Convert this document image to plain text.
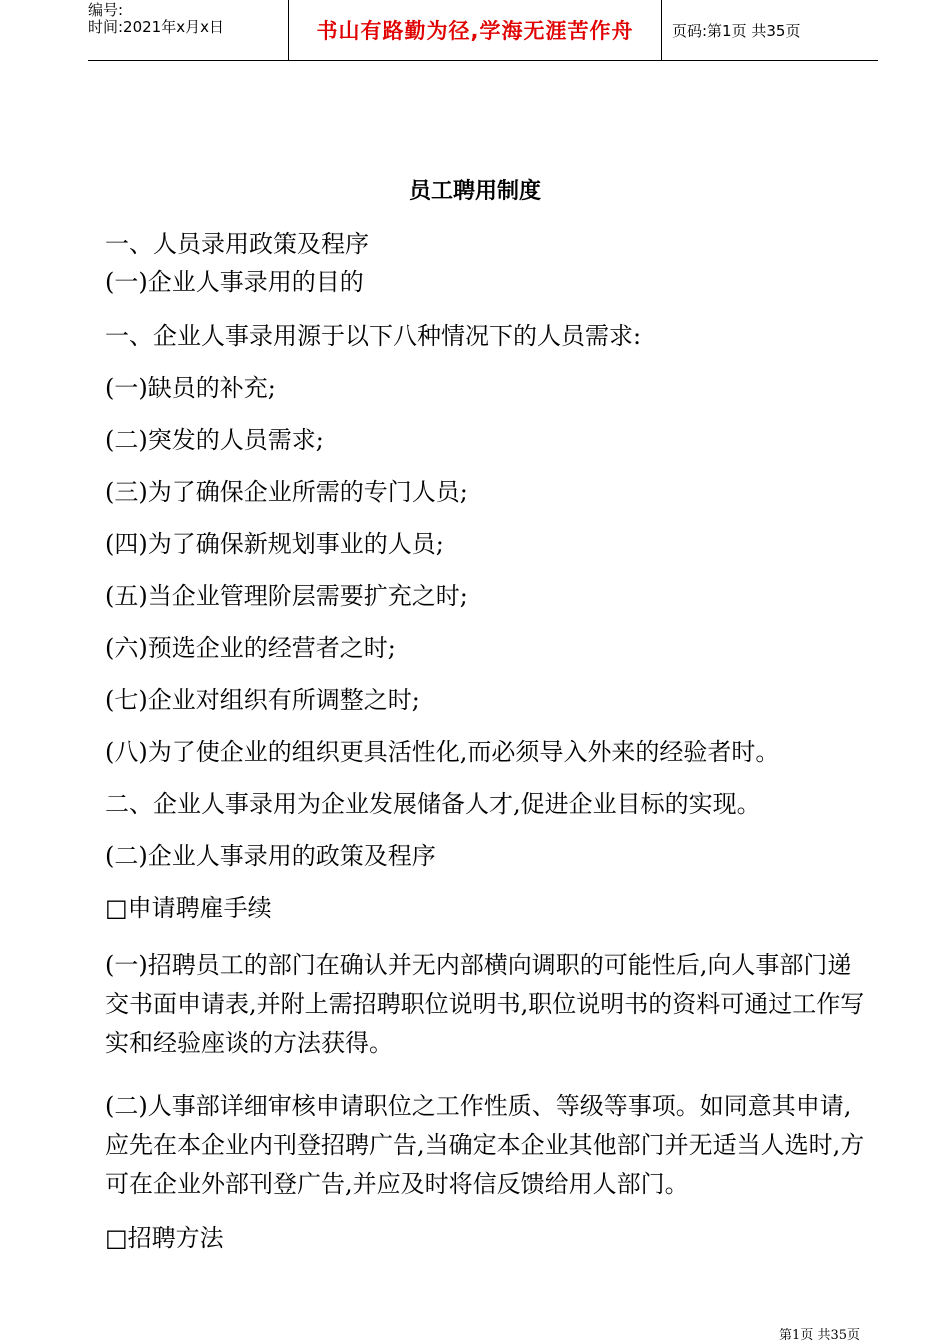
编号:
时间:2021年x月x日	书山有路勤为径,学海无涯苦作舟	页码:第1页 共35页
员工聘用制度

一、人员录用政策及程序

(一)企业人事录用的目的

一、企业人事录用源于以下八种情况下的人员需求:

(一)缺员的补充;

(二)突发的人员需求;

(三)为了确保企业所需的专门人员;

(四)为了确保新规划事业的人员;

(五)当企业管理阶层需要扩充之时;

(六)预选企业的经营者之时;

(七)企业对组织有所调整之时;

(八)为了使企业的组织更具活性化,而必须导入外来的经验者时。

二、企业人事录用为企业发展储备人才,促进企业目标的实现。

(二)企业人事录用的政策及程序

□申请聘雇手续

(一)招聘员工的部门在确认并无内部横向调职的可能性后,向人事部门递交书面申请表,并附上需招聘职位说明书,职位说明书的资料可通过工作写实和经验座谈的方法获得。

(二)人事部详细审核申请职位之工作性质、等级等事项。如同意其申请,应先在本企业内刊登招聘广告,当确定本企业其他部门并无适当人选时,方可在企业外部刊登广告,并应及时将信反馈给用人部门。

□招聘方法

第1页 共35页
